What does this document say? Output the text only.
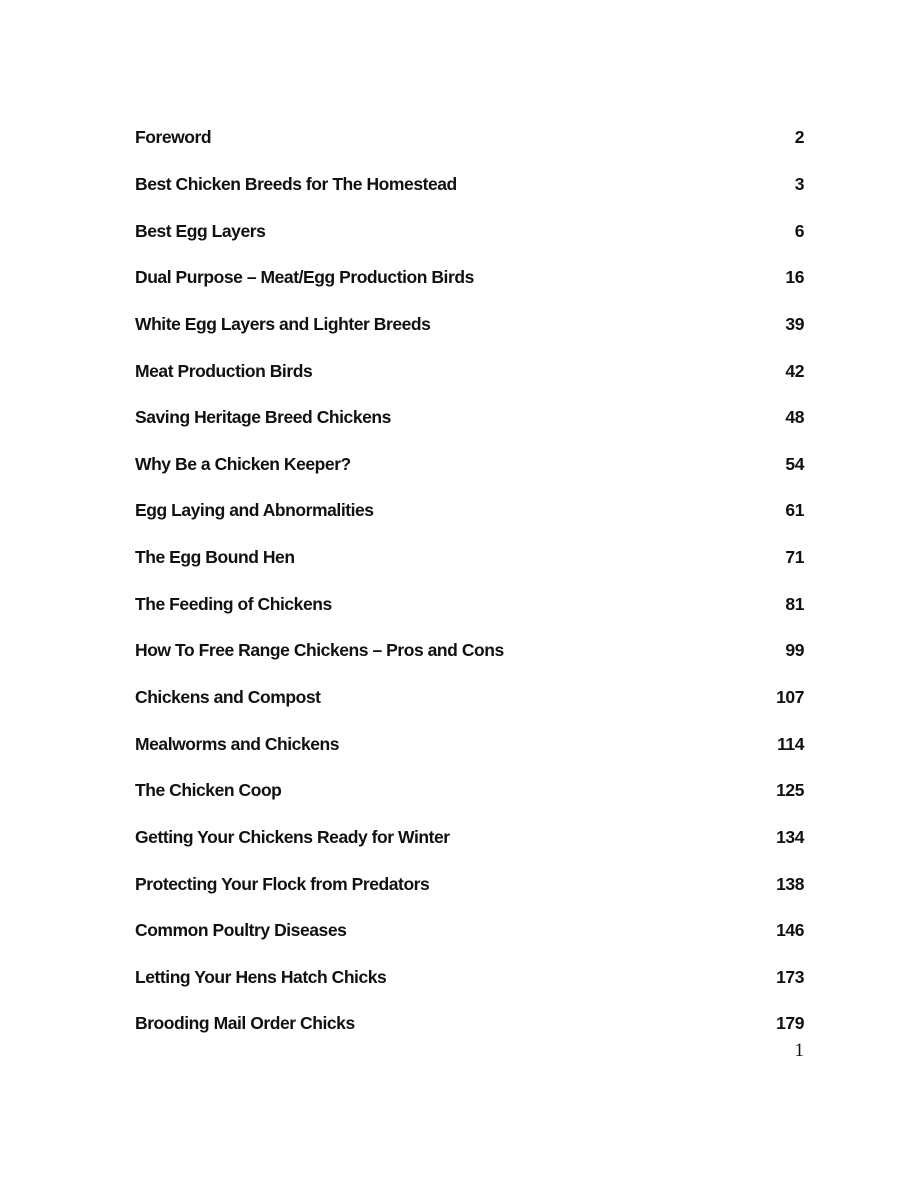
Foreword	2
Best Chicken Breeds for The Homestead	3
Best Egg Layers	6
Dual Purpose – Meat/Egg Production Birds	16
White Egg Layers and Lighter Breeds	39
Meat Production Birds	42
Saving Heritage Breed Chickens	48
Why Be a Chicken Keeper?	54
Egg Laying and Abnormalities	61
The Egg Bound Hen	71
The Feeding of Chickens	81
How To Free Range Chickens – Pros and Cons	99
Chickens and Compost	107
Mealworms and Chickens	114
The Chicken Coop	125
Getting Your Chickens Ready for Winter	134
Protecting Your Flock from Predators	138
Common Poultry Diseases	146
Letting Your Hens Hatch Chicks	173
Brooding Mail Order Chicks	179
1
